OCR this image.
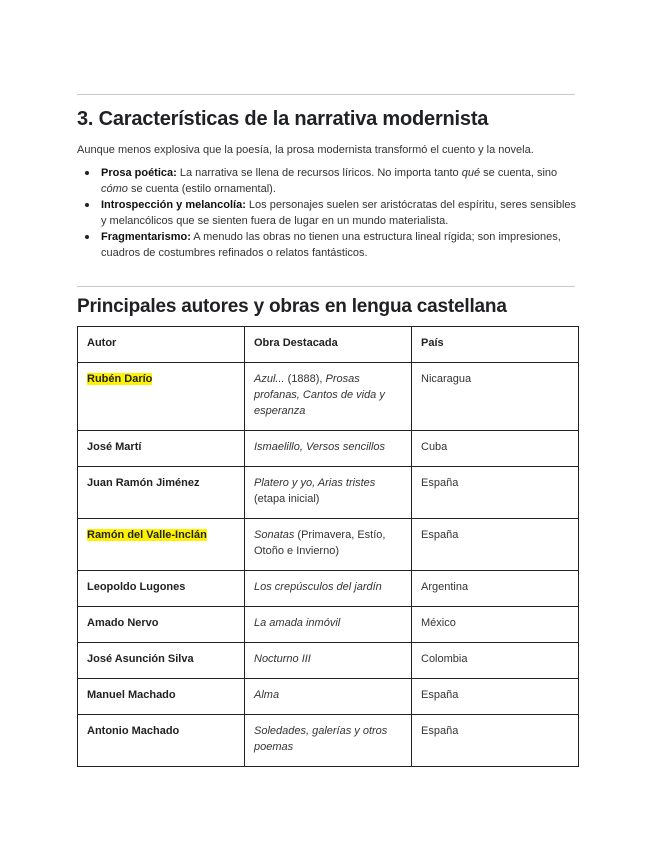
3. Características de la narrativa modernista

Aunque menos explosiva que la poesía, la prosa modernista transformó el cuento y la novela.

Prosa poética: La narrativa se llena de recursos líricos. No importa tanto qué se cuenta, sino cómo se cuenta (estilo ornamental).
Introspección y melancolía: Los personajes suelen ser aristócratas del espíritu, seres sensibles y melancólicos que se sienten fuera de lugar en un mundo materialista.
Fragmentarismo: A menudo las obras no tienen una estructura lineal rígida; son impresiones, cuadros de costumbres refinados o relatos fantásticos.
Principales autores y obras en lengua castellana
Autor	Obra Destacada	País
Rubén Darío	Azul... (1888), Prosas profanas, Cantos de vida y esperanza	Nicaragua
José Martí	Ismaelillo, Versos sencillos	Cuba
Juan Ramón Jiménez	Platero y yo, Arias tristes (etapa inicial)	España
Ramón del Valle-Inclán	Sonatas (Primavera, Estío, Otoño e Invierno)	España
Leopoldo Lugones	Los crepúsculos del jardín	Argentina
Amado Nervo	La amada inmóvil	México
José Asunción Silva	Nocturno III	Colombia
Manuel Machado	Alma	España
Antonio Machado	Soledades, galerías y otros poemas	España
